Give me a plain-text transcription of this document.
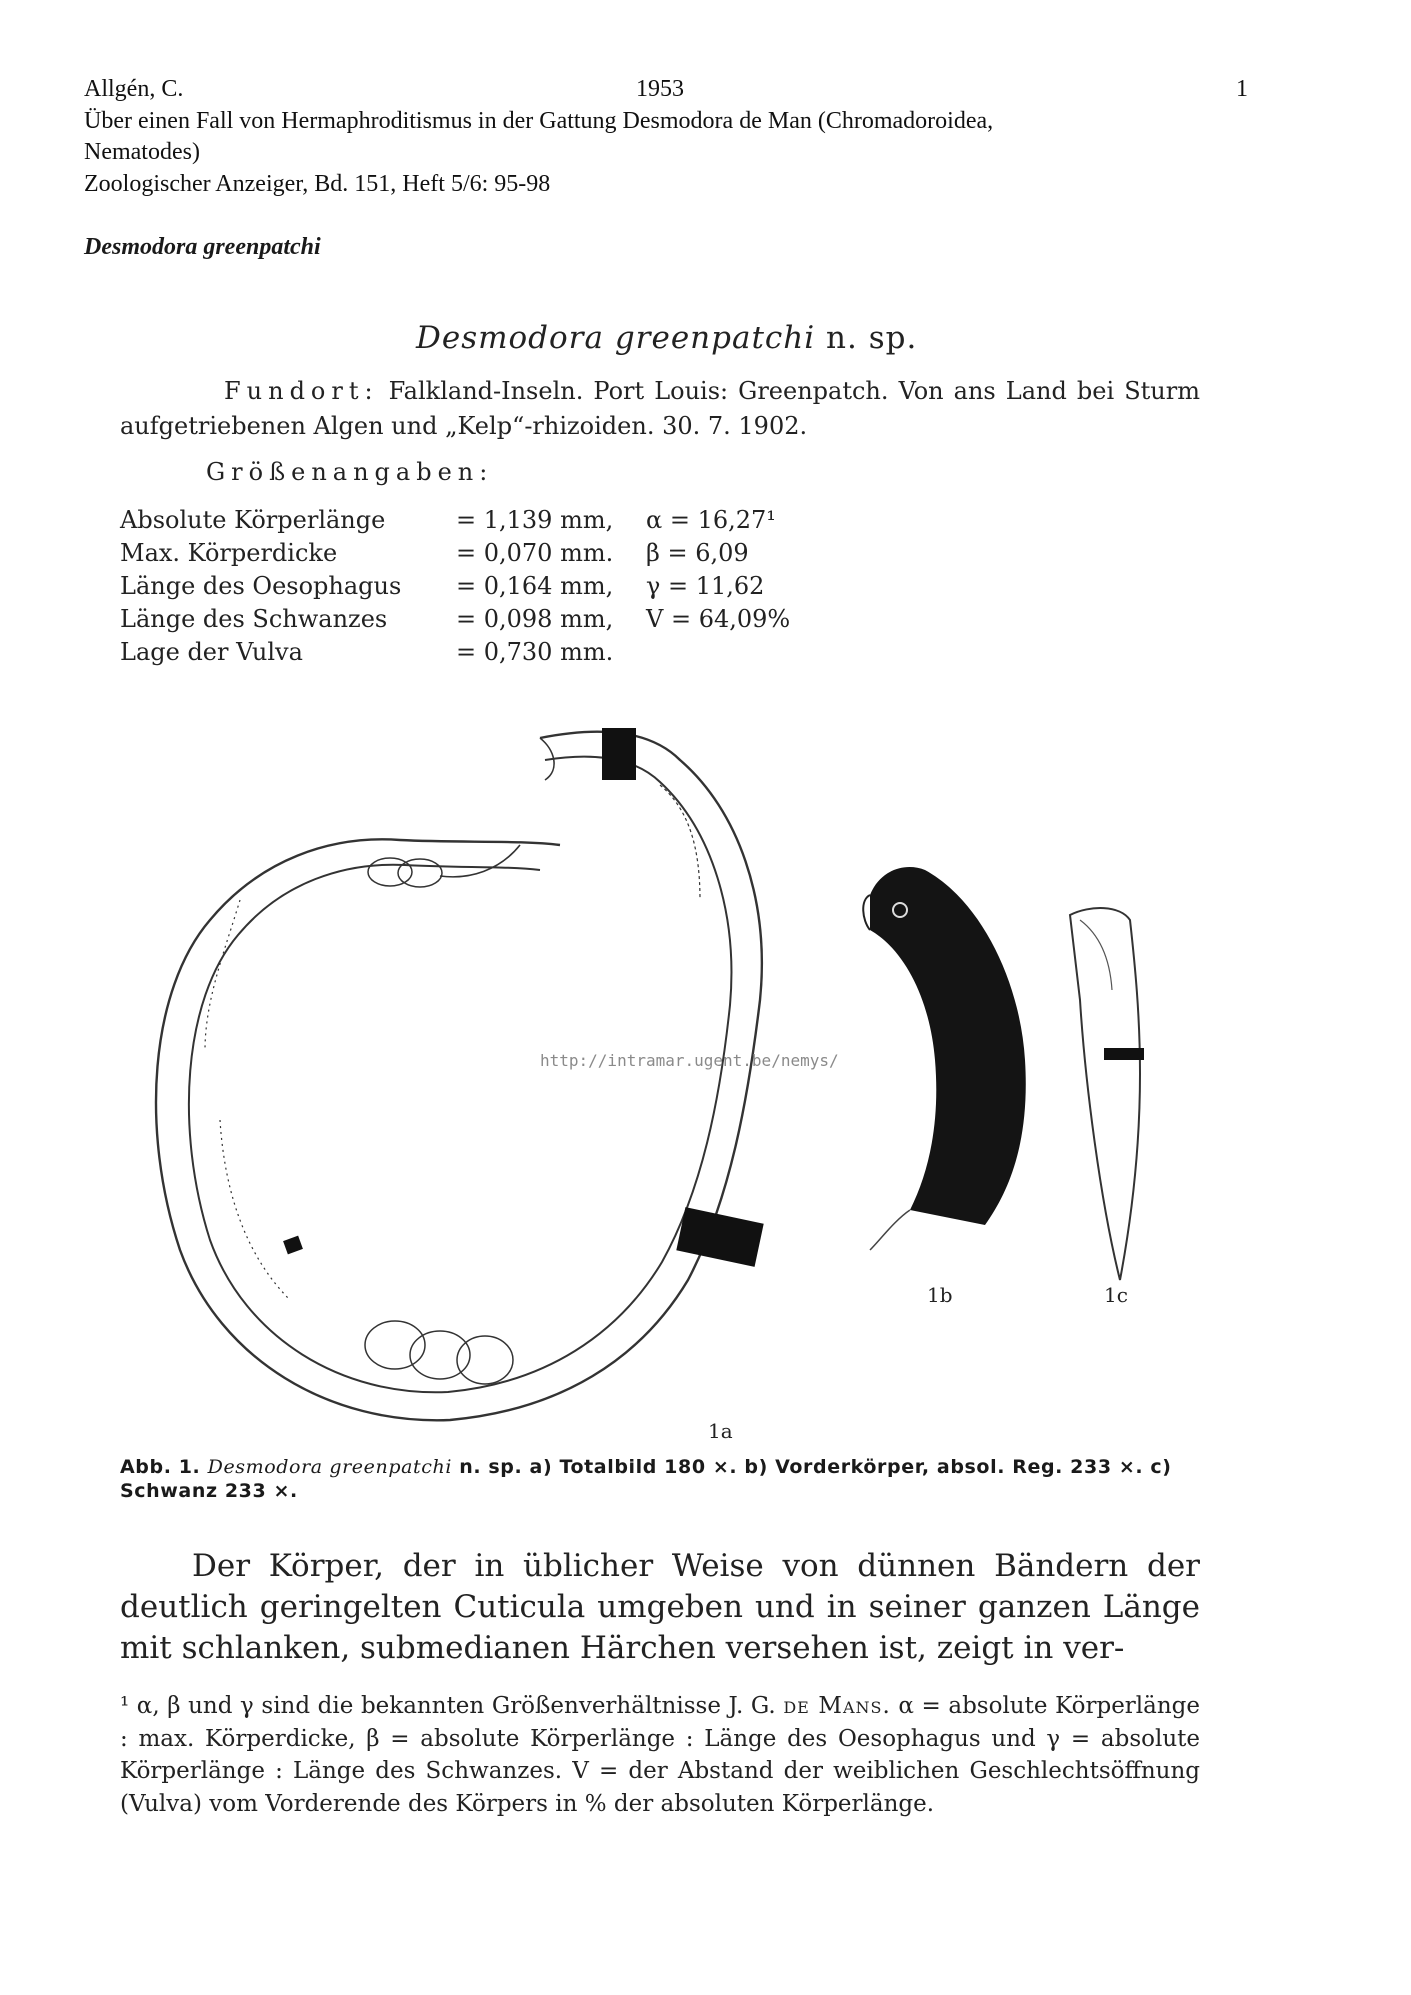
Allgén, C.	1953	1
Über einen Fall von Hermaphroditismus in der Gattung Desmodora de Man (Chromadoroidea,
Nematodes)
Zoologischer Anzeiger, Bd. 151, Heft 5/6: 95-98
Desmodora greenpatchi
Desmodora greenpatchi n. sp.
Fundort: Falkland-Inseln. Port Louis: Greenpatch. Von ans Land bei Sturm aufgetriebenen Algen und „Kelp“-rhizoiden. 30. 7. 1902.
Größenangaben:
Absolute Körperlänge	= 1,139 mm,	α = 16,27¹
Max. Körperdicke	= 0,070 mm.	β = 6,09
Länge des Oesophagus	= 0,164 mm,	γ = 11,62
Länge des Schwanzes	= 0,098 mm,	V = 64,09%
Lage der Vulva	= 0,730 mm.	
1b	1c
1a
http://intramar.ugent.be/nemys/
Abb. 1. Desmodora greenpatchi n. sp. a) Totalbild 180 ×. b) Vorderkörper, absol. Reg. 233 ×. c) Schwanz 233 ×.
Der Körper, der in üblicher Weise von dünnen Bändern der deutlich geringelten Cuticula umgeben und in seiner ganzen Länge mit schlanken, submedianen Härchen versehen ist, zeigt in ver-
¹ α, β und γ sind die bekannten Größenverhältnisse J. G. de Mans. α = absolute Körperlänge : max. Körperdicke, β = absolute Körperlänge : Länge des Oesophagus und γ = absolute Körperlänge : Länge des Schwanzes. V = der Abstand der weiblichen Geschlechtsöffnung (Vulva) vom Vorderende des Körpers in % der absoluten Körperlänge.
